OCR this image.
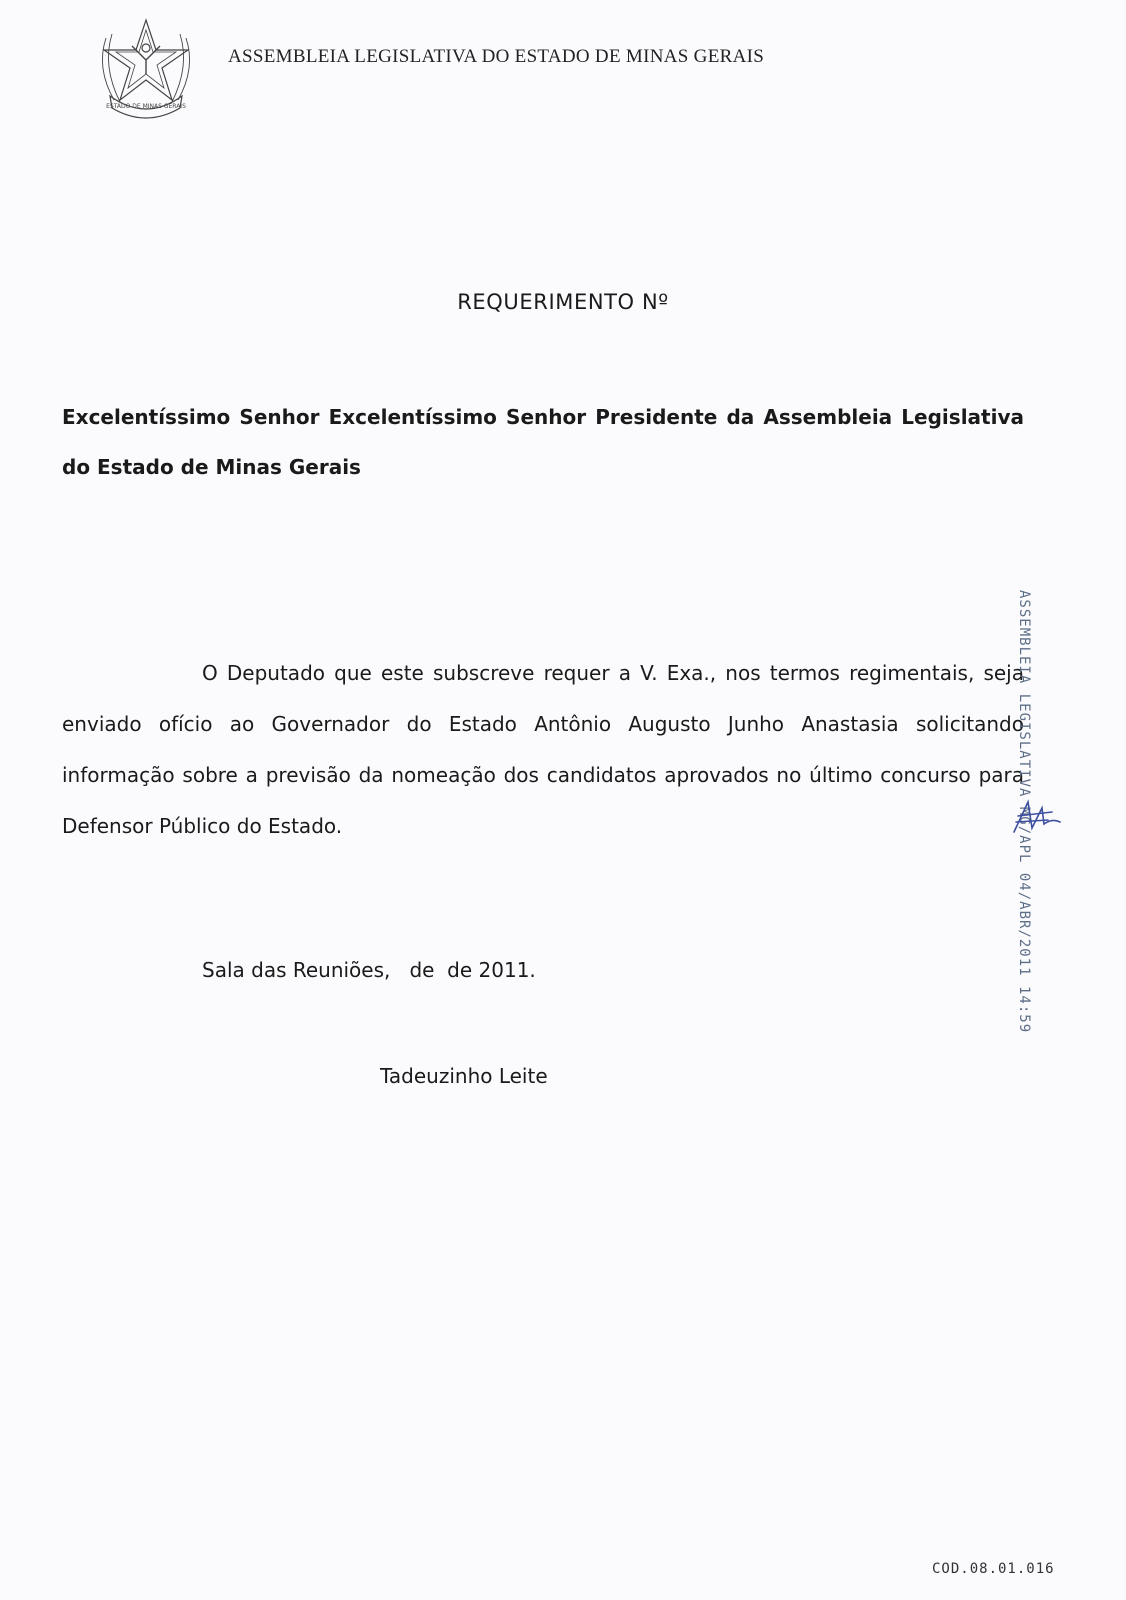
ESTADO DE MINAS GERAIS
ASSEMBLEIA LEGISLATIVA DO ESTADO DE MINAS GERAIS
REQUERIMENTO Nº
Excelentíssimo Senhor Excelentíssimo Senhor Presidente da Assembleia Legislativa do Estado de Minas Gerais
O Deputado que este subscreve requer a V. Exa., nos termos regimentais, seja enviado ofício ao Governador do Estado Antônio Augusto Junho Anastasia solicitando informação sobre a previsão da nomeação dos candidatos aprovados no último concurso para Defensor Público do Estado.
Sala das Reuniões,   de  de 2011.
Tadeuzinho Leite
ASSEMBLEIA LEGISLATIVA MG/APL 04/ABR/2011 14:59
COD.08.01.016
